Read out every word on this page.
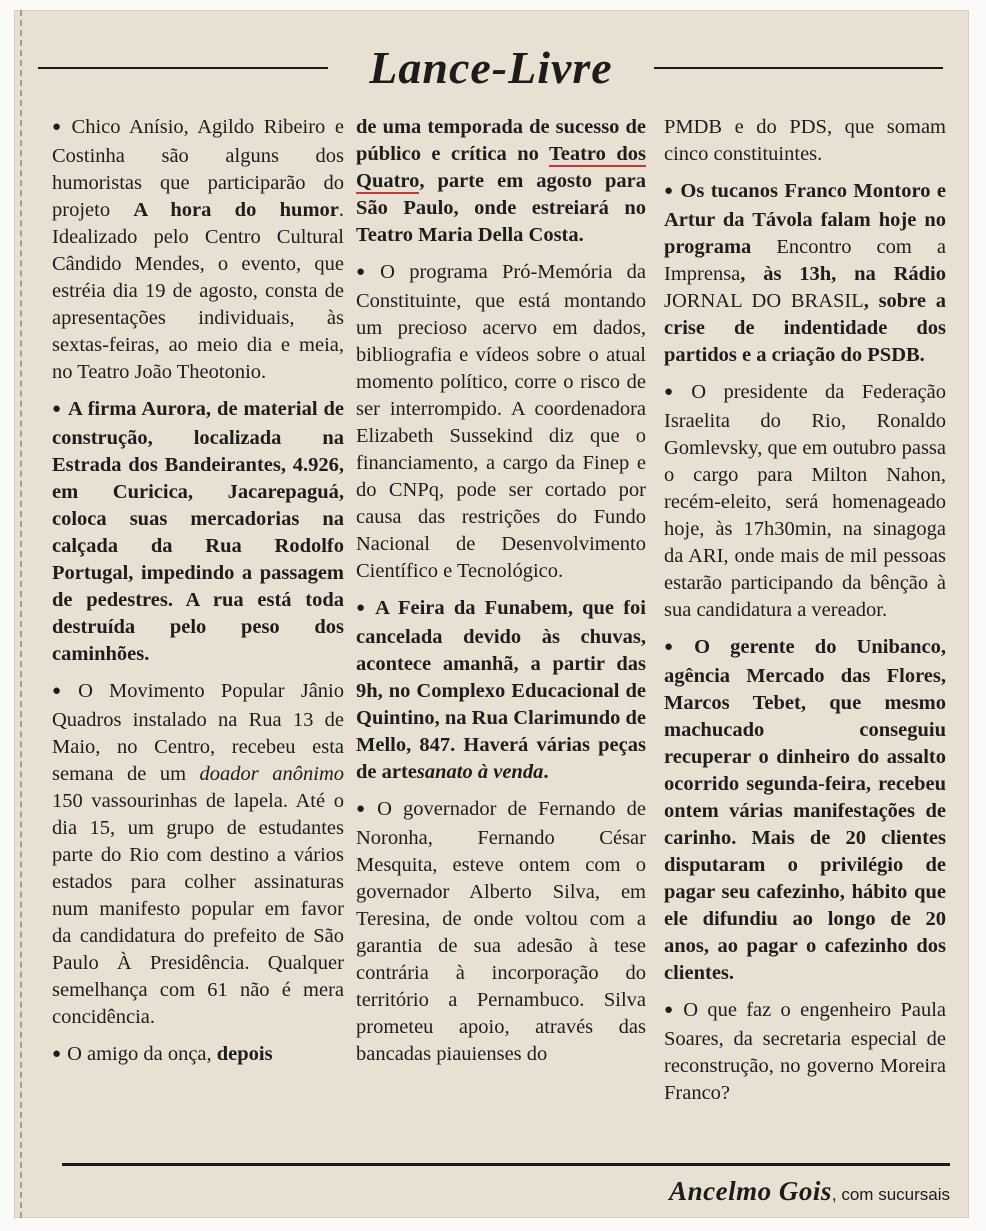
Lance-Livre

● Chico Anísio, Agildo Ribeiro e Costinha são alguns dos humoristas que participarão do projeto A hora do humor. Idealizado pelo Centro Cultural Cândido Mendes, o evento, que estréia dia 19 de agosto, consta de apresentações individuais, às sextas-feiras, ao meio dia e meia, no Teatro João Theotonio.

● A firma Aurora, de material de construção, localizada na Estrada dos Bandeirantes, 4.926, em Curicica, Jacarepaguá, coloca suas mercadorias na calçada da Rua Rodolfo Portugal, impedindo a passagem de pedestres. A rua está toda destruída pelo peso dos caminhões.

● O Movimento Popular Jânio Quadros instalado na Rua 13 de Maio, no Centro, recebeu esta semana de um doador anônimo 150 vassourinhas de lapela. Até o dia 15, um grupo de estudantes parte do Rio com destino a vários estados para colher assinaturas num manifesto popular em favor da candidatura do prefeito de São Paulo À Presidência. Qualquer semelhança com 61 não é mera concidência.

● O amigo da onça, depois

de uma temporada de sucesso de público e crítica no Teatro dos Quatro, parte em agosto para São Paulo, onde estreiará no Teatro Maria Della Costa.

● O programa Pró-Memória da Constituinte, que está montando um precioso acervo em dados, bibliografia e vídeos sobre o atual momento político, corre o risco de ser interrompido. A coordenadora Elizabeth Sussekind diz que o financiamento, a cargo da Finep e do CNPq, pode ser cortado por causa das restrições do Fundo Nacional de Desenvolvimento Científico e Tecnológico.

● A Feira da Funabem, que foi cancelada devido às chuvas, acontece amanhã, a partir das 9h, no Complexo Educacional de Quintino, na Rua Clarimundo de Mello, 847. Haverá várias peças de artesanato à venda.

● O governador de Fernando de Noronha, Fernando César Mesquita, esteve ontem com o governador Alberto Silva, em Teresina, de onde voltou com a garantia de sua adesão à tese contrária à incorporação do território a Pernambuco. Silva prometeu apoio, através das bancadas piauienses do

PMDB e do PDS, que somam cinco constituintes.

● Os tucanos Franco Montoro e Artur da Távola falam hoje no programa Encontro com a Imprensa, às 13h, na Rádio JORNAL DO BRASIL, sobre a crise de indentidade dos partidos e a criação do PSDB.

● O presidente da Federação Israelita do Rio, Ronaldo Gomlevsky, que em outubro passa o cargo para Milton Nahon, recém-eleito, será homenageado hoje, às 17h30min, na sinagoga da ARI, onde mais de mil pessoas estarão participando da bênção à sua candidatura a vereador.

● O gerente do Unibanco, agência Mercado das Flores, Marcos Tebet, que mesmo machucado conseguiu recuperar o dinheiro do assalto ocorrido segunda-feira, recebeu ontem várias manifestações de carinho. Mais de 20 clientes disputaram o privilégio de pagar seu cafezinho, hábito que ele difundiu ao longo de 20 anos, ao pagar o cafezinho dos clientes.

● O que faz o engenheiro Paula Soares, da secretaria especial de reconstrução, no governo Moreira Franco?

Ancelmo Gois, com sucursais
